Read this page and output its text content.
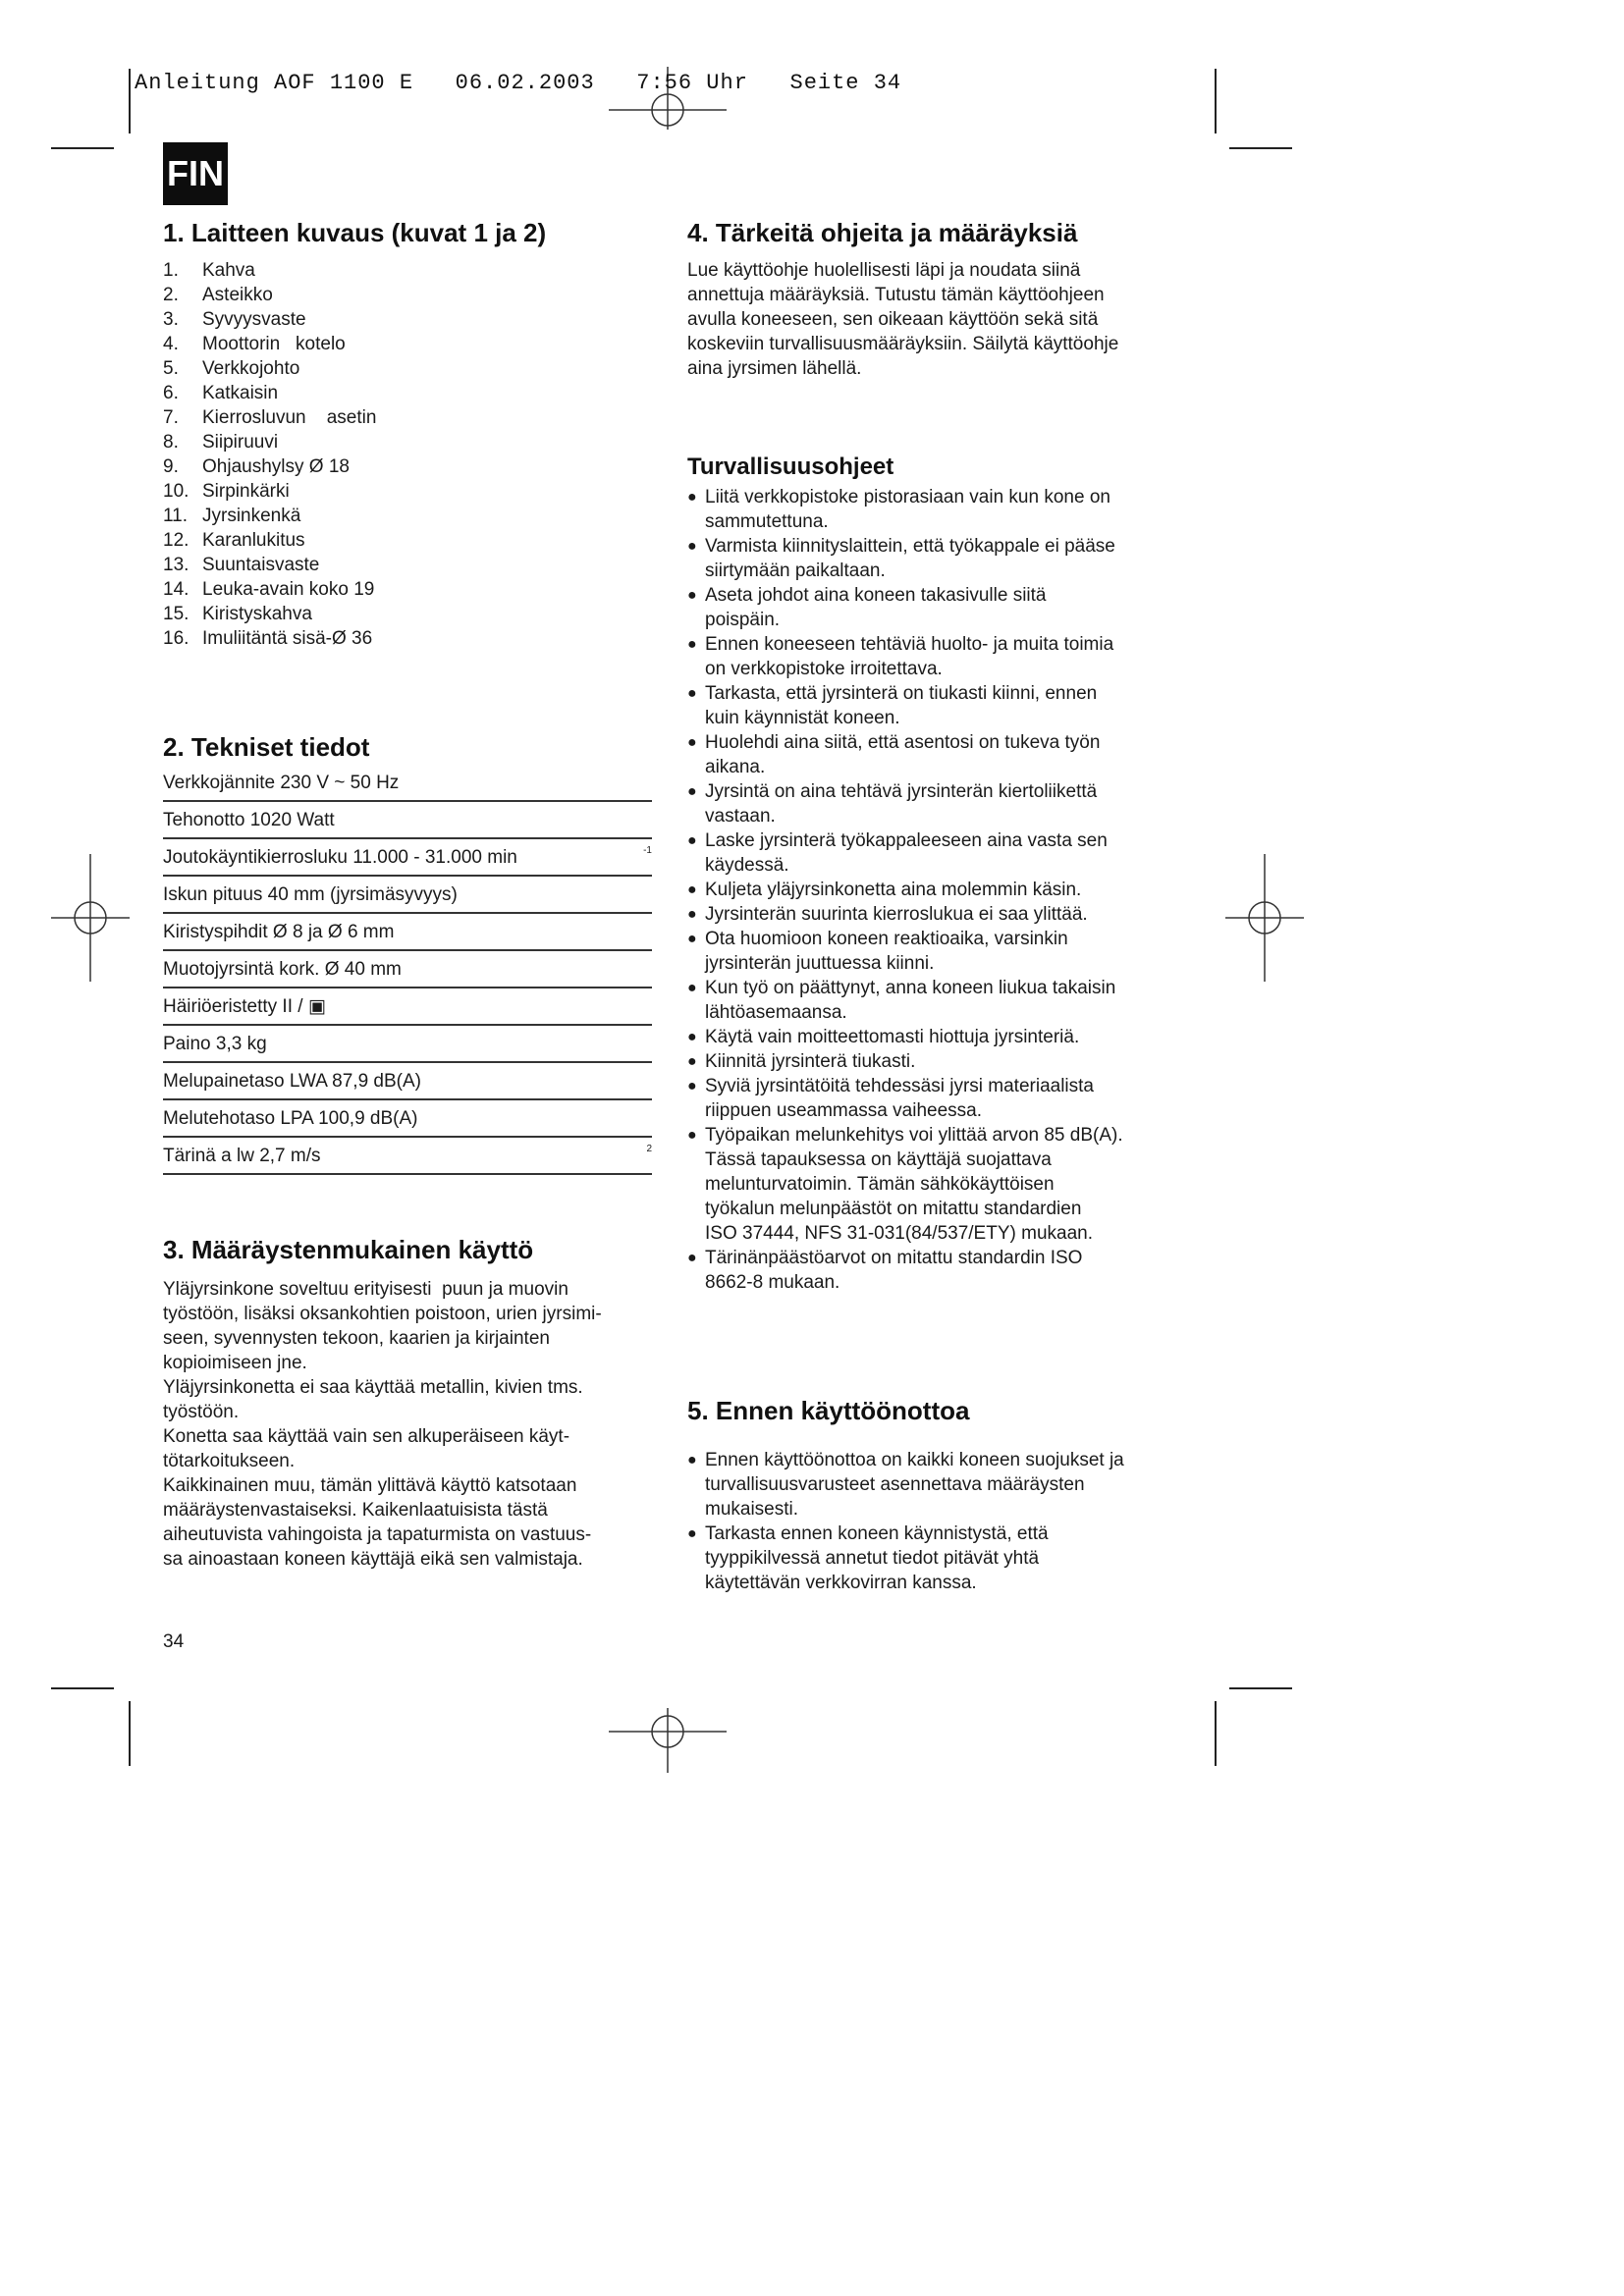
Anleitung AOF 1100 E   06.02.2003   7:56 Uhr   Seite 34
FIN
1. Laitteen kuvaus (kuvat 1 ja 2)
1.	Kahva
2.	Asteikko
3.	Syvyysvaste
4.	Moottorin   kotelo
5.	Verkkojohto
6.	Katkaisin
7.	Kierrosluvun    asetin
8.	Siipiruuvi
9.	Ohjaushylsy Ø 18
10. Sirpinkärki
11. Jyrsinkenkä
12. Karanlukitus
13. Suuntaisvaste
14. Leuka-avain koko 19
15. Kiristyskahva
16. Imuliitäntä sisä-Ø 36
2. Tekniset tiedot
Verkkojännite 230 V ~ 50 Hz	
Tehonotto 1020 Watt	
Joutokäyntikierrosluku 11.000 - 31.000 min	-1
Iskun pituus 40 mm (jyrsimäsyvyys)	
Kiristyspihdit Ø 8 ja Ø 6 mm	
Muotojyrsintä kork. Ø 40 mm	
Häiriöeristetty II / ▣	
Paino 3,3 kg	
Melupainetaso LWA 87,9 dB(A)	
Melutehotaso LPA 100,9 dB(A)	
Tärinä a lw 2,7 m/s	2
3. Määräystenmukainen käyttö
Yläjyrsinkone soveltuu erityisesti  puun ja muovin
työstöön, lisäksi oksankohtien poistoon, urien jyrsimi-
seen, syvennysten tekoon, kaarien ja kirjainten
kopioimiseen jne.
Yläjyrsinkonetta ei saa käyttää metallin, kivien tms.
työstöön.
Konetta saa käyttää vain sen alkuperäiseen käyt-
tötarkoitukseen.
Kaikkinainen muu, tämän ylittävä käyttö katsotaan
määräystenvastaiseksi. Kaikenlaatuisista tästä
aiheutuvista vahingoista ja tapaturmista on vastuus-
sa ainoastaan koneen käyttäjä eikä sen valmistaja.
4. Tärkeitä ohjeita ja määräyksiä
Lue käyttöohje huolellisesti läpi ja noudata siinä
annettuja määräyksiä. Tutustu tämän käyttöohjeen
avulla koneeseen, sen oikeaan käyttöön sekä sitä
koskeviin turvallisuusmääräyksiin. Säilytä käyttöohje
aina jyrsimen lähellä.
Turvallisuusohjeet
● Liitä verkkopistoke pistorasiaan vain kun kone on
sammutettuna.
● Varmista kiinnityslaittein, että työkappale ei pääse
siirtymään paikaltaan.
● Aseta johdot aina koneen takasivulle siitä
poispäin.
● Ennen koneeseen tehtäviä huolto- ja muita toimia
on verkkopistoke irroitettava.
● Tarkasta, että jyrsinterä on tiukasti kiinni, ennen
kuin käynnistät koneen.
● Huolehdi aina siitä, että asentosi on tukeva työn
aikana.
● Jyrsintä on aina tehtävä jyrsinterän kiertoliikettä
vastaan.
● Laske jyrsinterä työkappaleeseen aina vasta sen
käydessä.
● Kuljeta yläjyrsinkonetta aina molemmin käsin.
● Jyrsinterän suurinta kierroslukua ei saa ylittää.
● Ota huomioon koneen reaktioaika, varsinkin
jyrsinterän juuttuessa kiinni.
● Kun työ on päättynyt, anna koneen liukua takaisin
lähtöasemaansa.
● Käytä vain moitteettomasti hiottuja jyrsinteriä.
● Kiinnitä jyrsinterä tiukasti.
● Syviä jyrsintätöitä tehdessäsi jyrsi materiaalista
riippuen useammassa vaiheessa.
● Työpaikan melunkehitys voi ylittää arvon 85 dB(A).
Tässä tapauksessa on käyttäjä suojattava
melunturvatoimin. Tämän sähkökäyttöisen
työkalun melunpäästöt on mitattu standardien
ISO 37444, NFS 31-031(84/537/ETY) mukaan.
● Tärinänpäästöarvot on mitattu standardin ISO
8662-8 mukaan.
5. Ennen käyttöönottoa
● Ennen käyttöönottoa on kaikki koneen suojukset ja
turvallisuusvarusteet asennettava määräysten
mukaisesti.
● Tarkasta ennen koneen käynnistystä, että
tyyppikilvessä annetut tiedot pitävät yhtä
käytettävän verkkovirran kanssa.
34
